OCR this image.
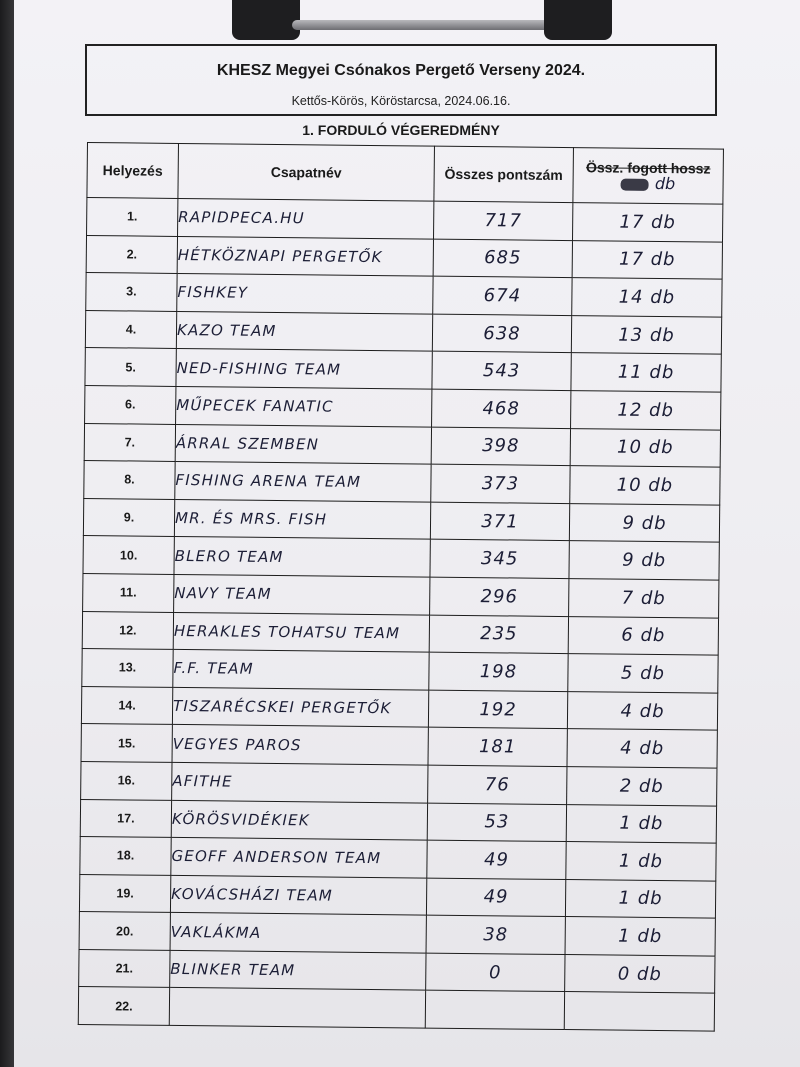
KHESZ Megyei Csónakos Pergető Verseny 2024.
Kettős-Körös, Köröstarcsa, 2024.06.16.
1. FORDULÓ VÉGEREDMÉNY
Helyezés	Csapatnév	Összes pontszám	Össz. fogott hossz
db
1.	RAPIDPECA.HU	717	17 db
2.	HÉTKÖZNAPI PERGETŐK	685	17 db
3.	FISHKEY	674	14 db
4.	KAZO TEAM	638	13 db
5.	NED-FISHING TEAM	543	11 db
6.	MŰPECEK FANATIC	468	12 db
7.	ÁRRAL SZEMBEN	398	10 db
8.	FISHING ARENA TEAM	373	10 db
9.	MR. ÉS MRS. FISH	371	9 db
10.	BLERO TEAM	345	9 db
11.	NAVY TEAM	296	7 db
12.	HERAKLES TOHATSU TEAM	235	6 db
13.	F.F. TEAM	198	5 db
14.	TISZARÉCSKEI PERGETŐK	192	4 db
15.	VEGYES PAROS	181	4 db
16.	AFITHE	76	2 db
17.	KÖRÖSVIDÉKIEK	53	1 db
18.	GEOFF ANDERSON TEAM	49	1 db
19.	KOVÁCSHÁZI TEAM	49	1 db
20.	VAKLÁKMA	38	1 db
21.	BLINKER TEAM	0	0 db
22.			
